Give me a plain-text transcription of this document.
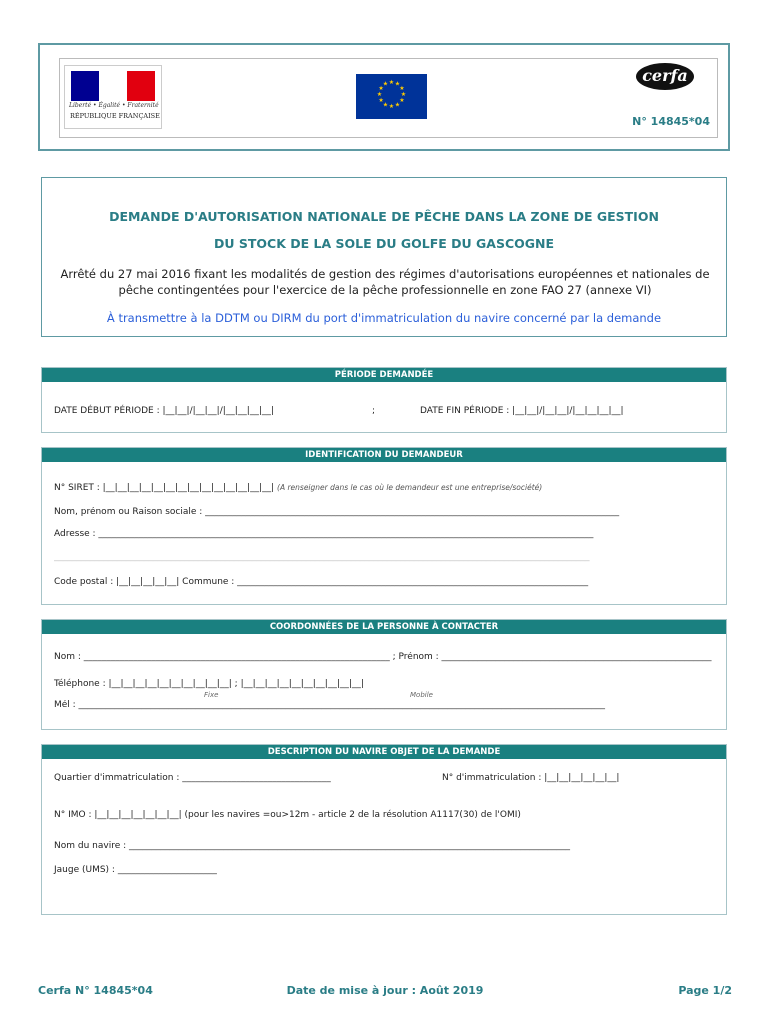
Liberté • Égalité • Fraternité
RÉPUBLIQUE FRANÇAISE
★ ★
★
★
★
★
★
★
★
★
★
★	cerfa
N° 14845*04
DEMANDE D'AUTORISATION NATIONALE DE PÊCHE DANS LA ZONE DE GESTION
DU STOCK DE LA SOLE DU GOLFE DU GASCOGNE
Arrêté du 27 mai 2016 fixant les modalités de gestion des régimes d'autorisations européennes et nationales de pêche contingentées pour l'exercice de la pêche professionnelle en zone FAO 27 (annexe VI)
À transmettre à la DDTM ou DIRM du port d'immatriculation du navire concerné par la demande
PÉRIODE DEMANDÉE
DATE DÉBUT PÉRIODE : |__|__|/|__|__|/|__|__|__|__|	;	DATE FIN PÉRIODE : |__|__|/|__|__|/|__|__|__|__|
IDENTIFICATION DU DEMANDEUR
N° SIRET : |__|__|__|__|__|__|__|__|__|__|__|__|__|__| (A renseigner dans le cas où le demandeur est une entreprise/société)
Nom, prénom ou Raison sociale : ____________________________________________________________________________________________
Adresse : ______________________________________________________________________________________________________________
_______________________________________________________________________________________________________________________
Code postal : |__|__|__|__|__| Commune : ______________________________________________________________________________
COORDONNÉES DE LA PERSONNE À CONTACTER
Nom : ____________________________________________________________________ ; Prénom : ____________________________________________________________
Téléphone : |__|__|__|__|__|__|__|__|__|__| ; |__|__|__|__|__|__|__|__|__|__|
Fixe	Mobile
Mél : _____________________________________________________________________________________________________________________
DESCRIPTION DU NAVIRE OBJET DE LA DEMANDE
Quartier d'immatriculation : _________________________________	N° d'immatriculation : |__|__|__|__|__|__|
N° IMO : |__|__|__|__|__|__|__| (pour les navires =ou>12m - article 2 de la résolution A1117(30) de l'OMI)
Nom du navire : __________________________________________________________________________________________________
Jauge (UMS) : ______________________
Cerfa N° 14845*04	Date de mise à jour : Août 2019	Page 1/2
